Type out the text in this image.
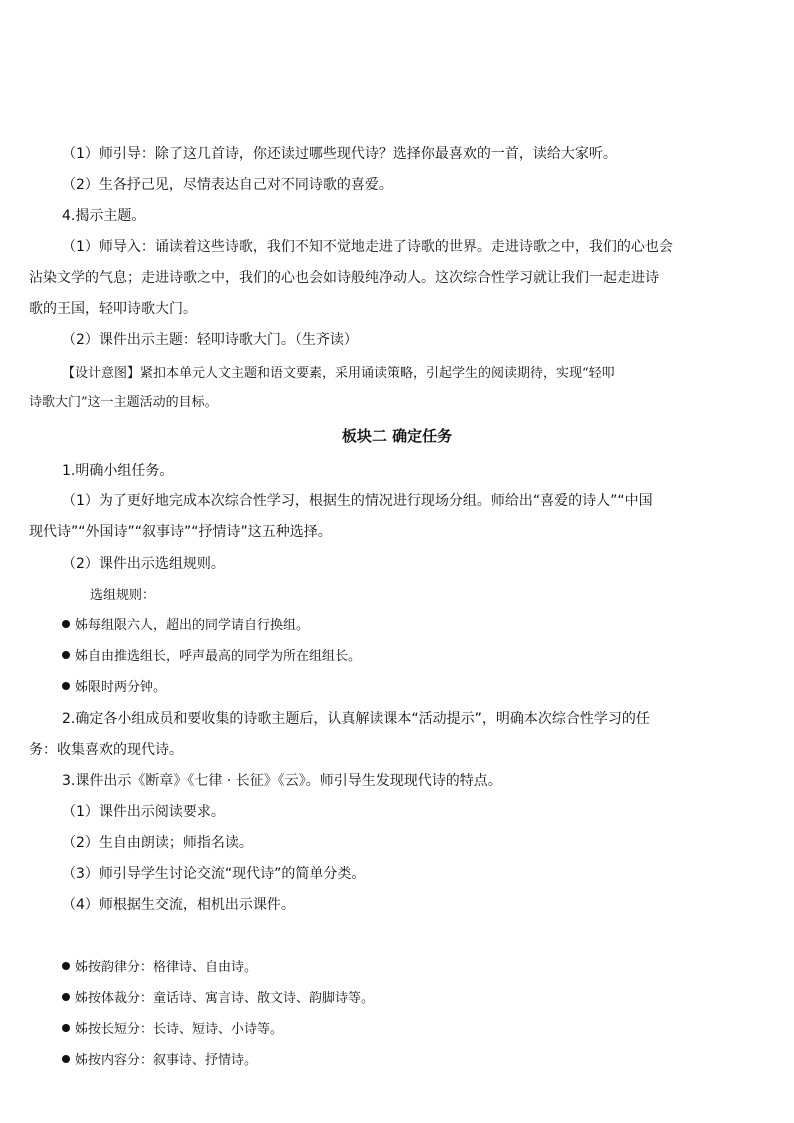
（1）师引导：除了这几首诗，你还读过哪些现代诗？选择你最喜欢的一首，读给大家听。
（2）生各抒己见，尽情表达自己对不同诗歌的喜爱。
4.揭示主题。
（1）师导入：诵读着这些诗歌，我们不知不觉地走进了诗歌的世界。走进诗歌之中，我们的心也会
沾染文学的气息；走进诗歌之中，我们的心也会如诗般纯净动人。这次综合性学习就让我们一起走进诗
歌的王国，轻叩诗歌大门。
（2）课件出示主题：轻叩诗歌大门。（生齐读）
【设计意图】紧扣本单元人文主题和语文要素，采用诵读策略，引起学生的阅读期待，实现“轻叩
诗歌大门”这一主题活动的目标。
板块二 确定任务
1.明确小组任务。
（1）为了更好地完成本次综合性学习，根据生的情况进行现场分组。师给出“喜爱的诗人”“中国
现代诗”“外国诗”“叙事诗”“抒情诗”这五种选择。
（2）课件出示选组规则。
选组规则：
姊每组限六人，超出的同学请自行换组。
姊自由推选组长，呼声最高的同学为所在组组长。
姊限时两分钟。
2.确定各小组成员和要收集的诗歌主题后，认真解读课本“活动提示”，明确本次综合性学习的任
务：收集喜欢的现代诗。
3.课件出示《断章》《七律 · 长征》《云》。师引导生发现现代诗的特点。
（1）课件出示阅读要求。
（2）生自由朗读；师指名读。
（3）师引导学生讨论交流“现代诗”的简单分类。
（4）师根据生交流，相机出示课件。
姊按韵律分：格律诗、自由诗。
姊按体裁分：童话诗、寓言诗、散文诗、韵脚诗等。
姊按长短分：长诗、短诗、小诗等。
姊按内容分：叙事诗、抒情诗。
